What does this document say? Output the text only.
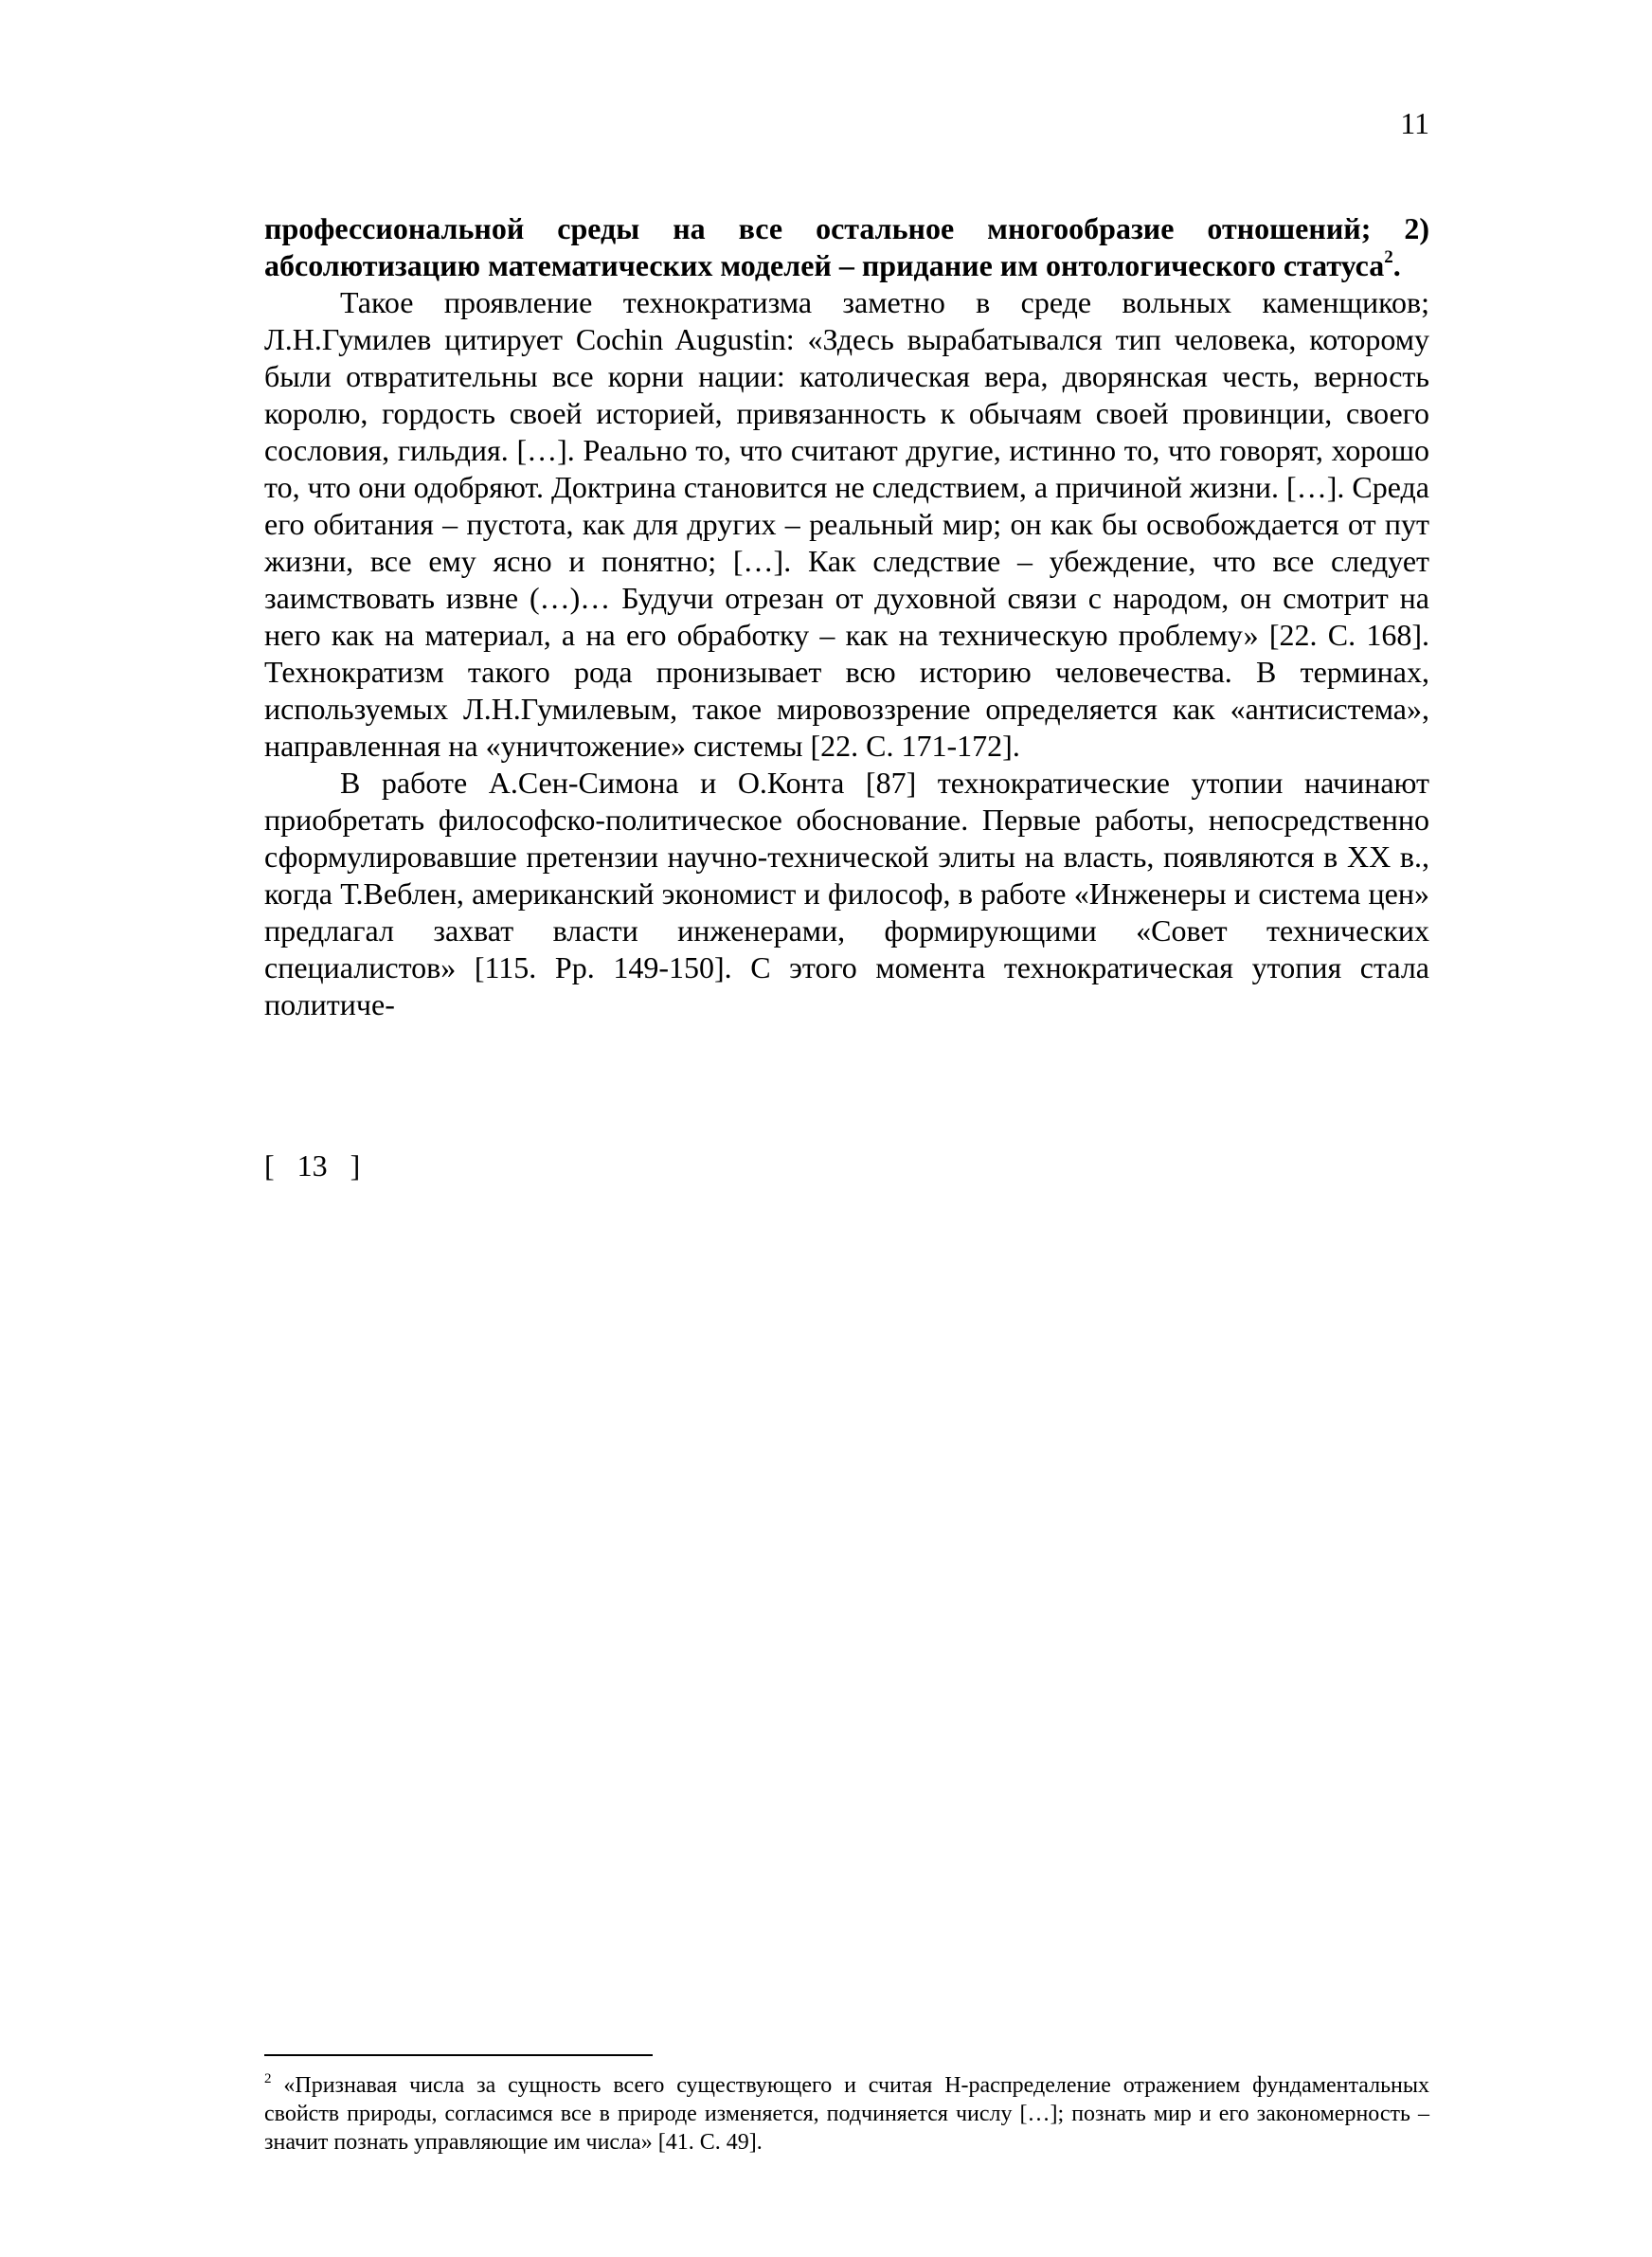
11

профессиональной среды на все остальное многообразие отношений; 2) абсолютизацию математических моделей – придание им онтологического статуса$^2$.

Такое проявление технократизма заметно в среде вольных каменщиков; Л.Н.Гумилев цитирует Cochin Augustin: «Здесь вырабатывался тип человека, которому были отвратительны все корни нации: католическая вера, дворянская честь, верность королю, гордость своей историей, привязанность к обычаям своей провинции, своего сословия, гильдия. […]. Реально то, что считают другие, истинно то, что говорят, хорошо то, что они одобряют. Доктрина становится не следствием, а причиной жизни. […]. Среда его обитания – пустота, как для других – реальный мир; он как бы освобождается от пут жизни, все ему ясно и понятно; […]. Как следствие – убеждение, что все следует заимствовать извне (…)… Будучи отрезан от духовной связи с народом, он смотрит на него как на материал, а на его обработку – как на техническую проблему» [22. С. 168]. Технократизм такого рода пронизывает всю историю человечества. В терминах, используемых Л.Н.Гумилевым, такое мировоззрение определяется как «антисистема», направленная на «уничтожение» системы [22. С. 171-172].

В работе А.Сен-Симона и О.Конта [87] технократические утопии начинают приобретать философско-политическое обоснование. Первые работы, непосредственно сформулировавшие претензии научно-технической элиты на власть, появляются в XX в., когда Т.Веблен, американский экономист и философ, в работе «Инженеры и система цен» предлагал захват власти инженерами, формирующими «Совет технических специалистов» [115. Pp. 149-150]. С этого момента технократическая утопия стала политиче-

[   13   ]

$^2$ «Признавая числа за сущность всего существующего и считая Н-распределение отражением фундаментальных свойств природы, согласимся все в природе изменяется, подчиняется числу […]; познать мир и его закономерность – значит познать управляющие им числа» [41. С. 49].
